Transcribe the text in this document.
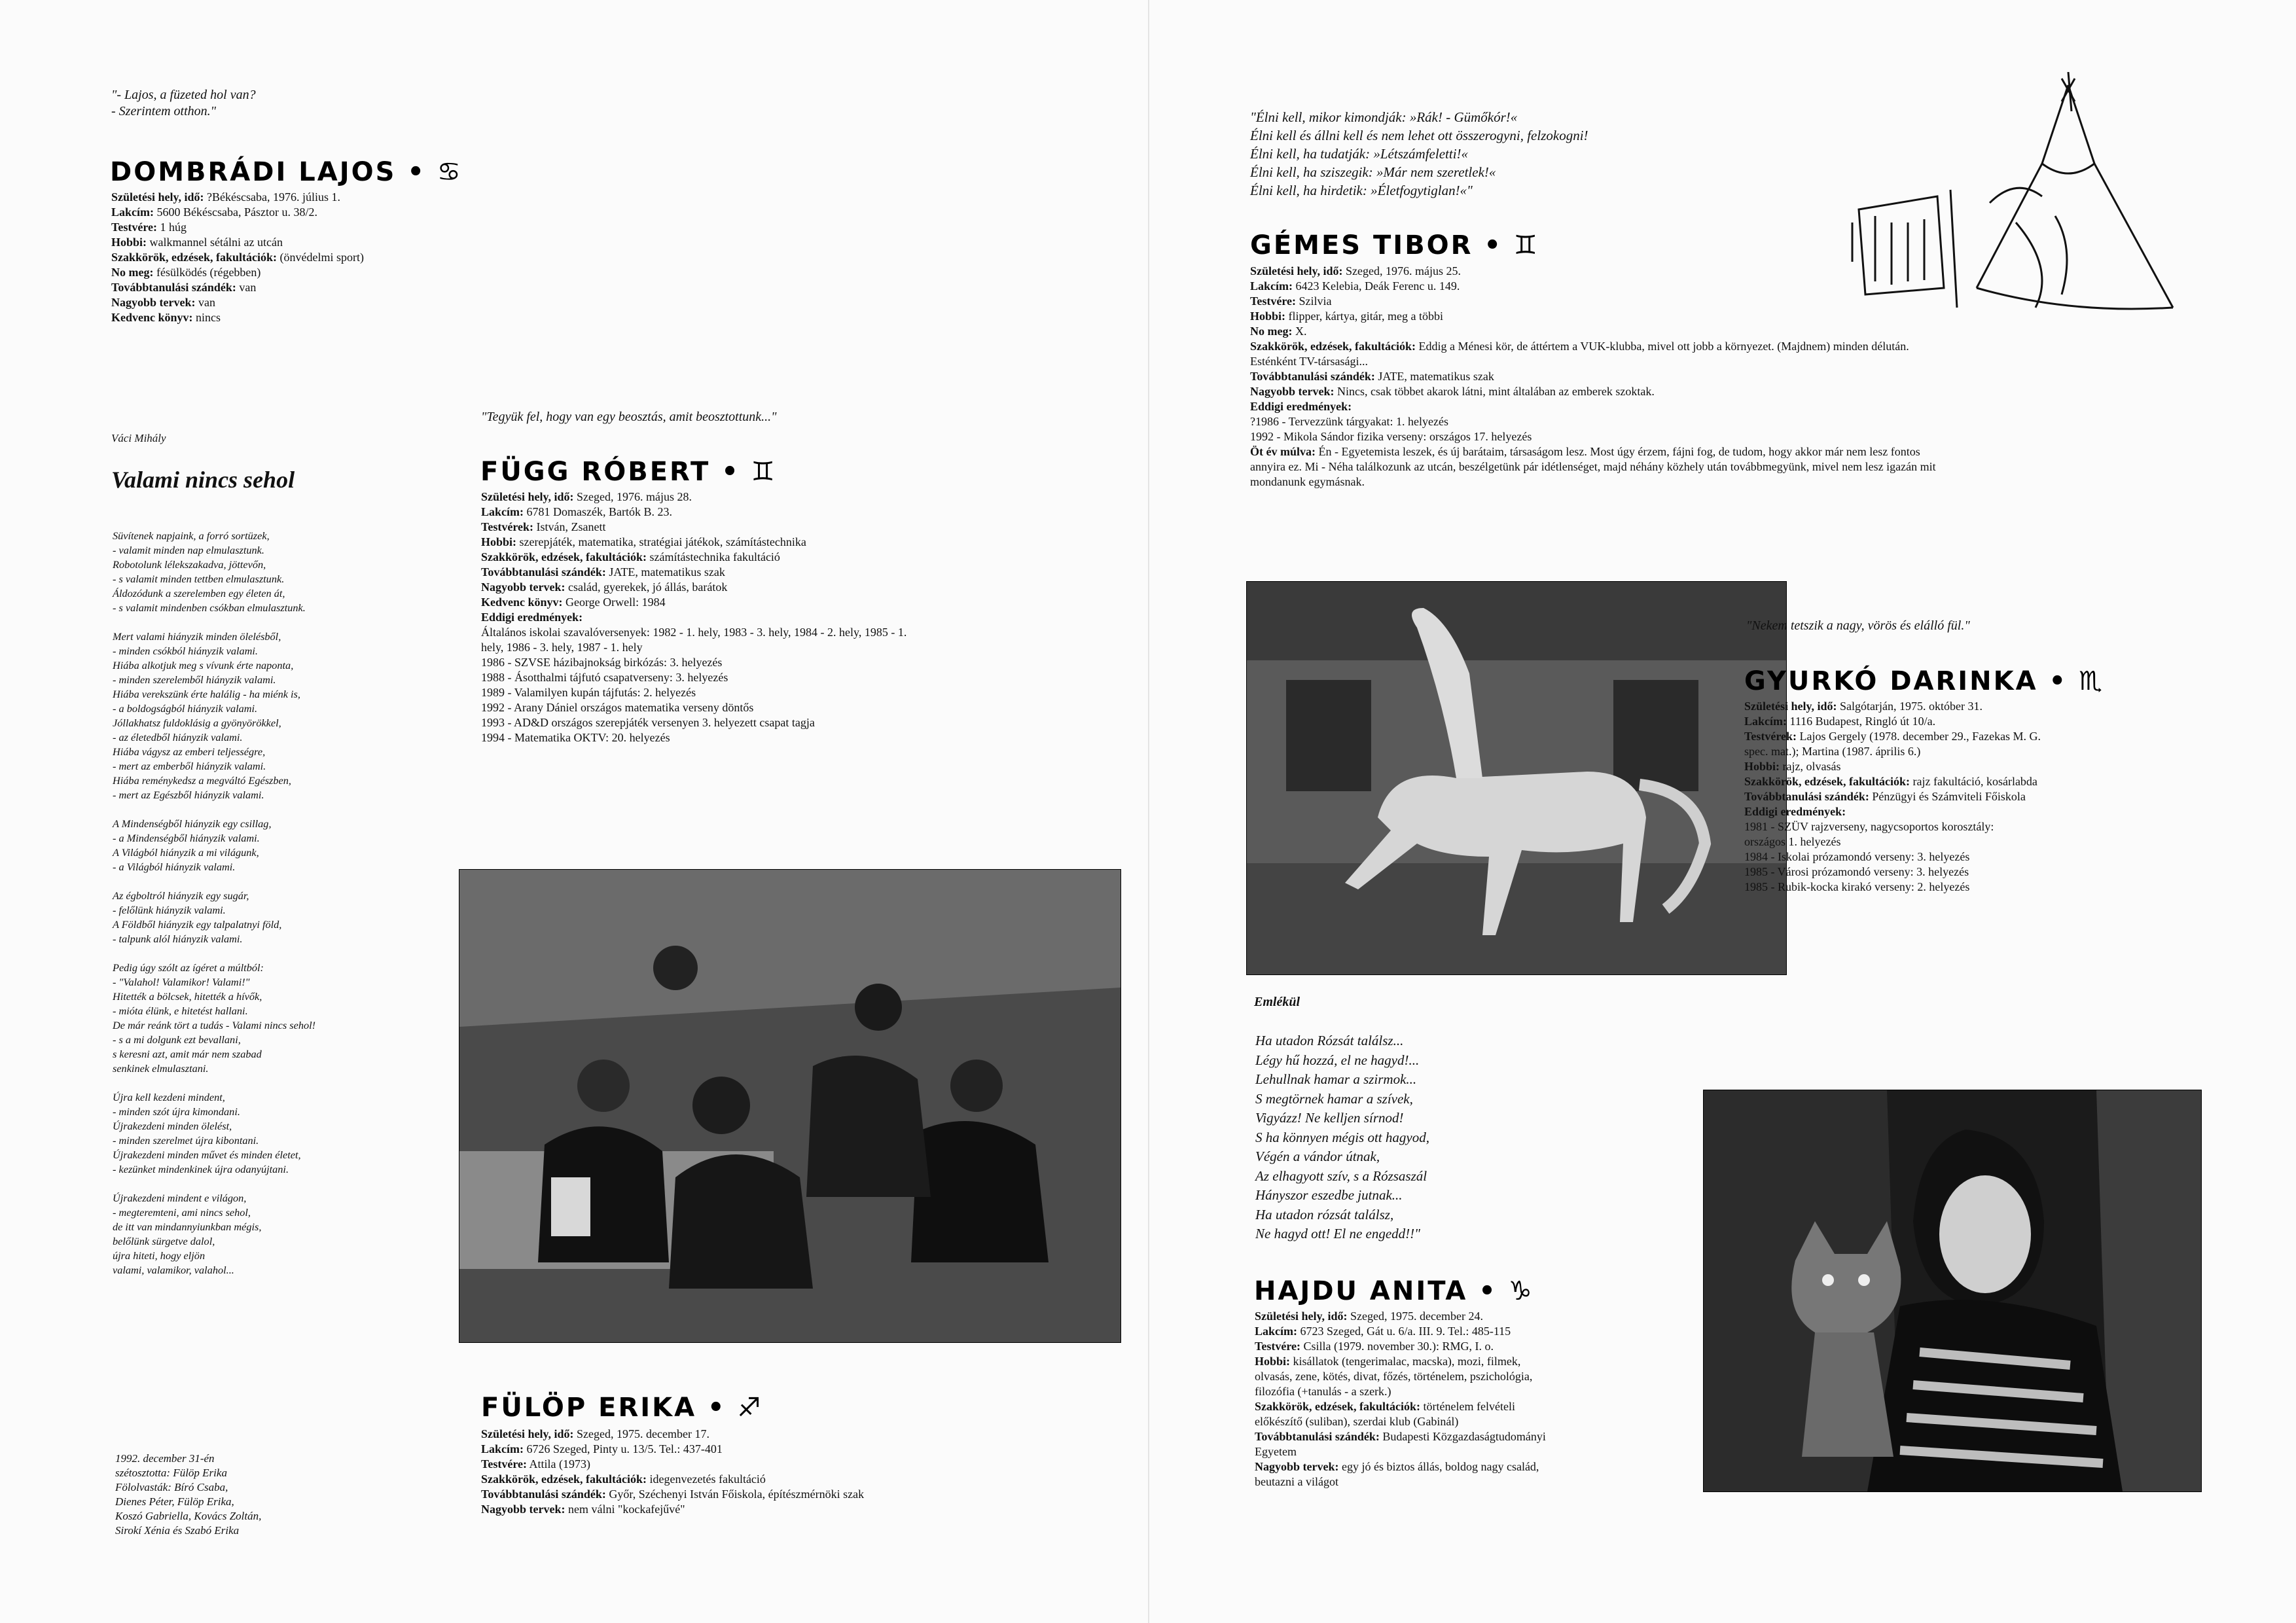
"- Lajos, a füzeted hol van?
- Szerintem otthon."
DOMBRÁDI LAJOS • ♋
Születési hely, idő: ?Békéscsaba, 1976. július 1.
Lakcím: 5600 Békéscsaba, Pásztor u. 38/2.
Testvére: 1 húg
Hobbi: walkmannel sétálni az utcán
Szakkörök, edzések, fakultációk: (önvédelmi sport)
No meg: fésülködés (régebben)
Továbbtanulási szándék: van
Nagyobb tervek: van
Kedvenc könyv: nincs
Váci Mihály
Valami nincs sehol
Süvítenek napjaink, a forró sortüzek,
- valamit minden nap elmulasztunk.
Robotolunk lélekszakadva, jöttevőn,
- s valamit minden tettben elmulasztunk.
Áldozódunk a szerelemben egy életen át,
- s valamit mindenben csókban elmulasztunk.
Mert valami hiányzik minden ölelésből,
- minden csókból hiányzik valami.
Hiába alkotjuk meg s vívunk érte naponta,
- minden szerelemből hiányzik valami.
Hiába verekszünk érte halálig - ha miénk is,
- a boldogságból hiányzik valami.
Jóllakhatsz fuldoklásig a gyönyörökkel,
- az életedből hiányzik valami.
Hiába vágysz az emberi teljességre,
- mert az emberből hiányzik valami.
Hiába reménykedsz a megváltó Egészben,
- mert az Egészből hiányzik valami.
A Mindenségből hiányzik egy csillag,
- a Mindenségből hiányzik valami.
A Világból hiányzik a mi világunk,
- a Világból hiányzik valami.
Az égboltról hiányzik egy sugár,
- felőlünk hiányzik valami.
A Földből hiányzik egy talpalatnyi föld,
- talpunk alól hiányzik valami.
Pedig úgy szólt az ígéret a múltból:
- "Valahol! Valamikor! Valami!"
Hitették a bölcsek, hitették a hívők,
- mióta élünk, e hitetést hallani.
De már reánk tört a tudás - Valami nincs sehol!
- s a mi dolgunk ezt bevallani,
s keresni azt, amit már nem szabad
senkinek elmulasztani.
Újra kell kezdeni mindent,
- minden szót újra kimondani.
Újrakezdeni minden ölelést,
- minden szerelmet újra kibontani.
Újrakezdeni minden művet és minden életet,
- kezünket mindenkinek újra odanyújtani.
Újrakezdeni mindent e világon,
- megteremteni, ami nincs sehol,
de itt van mindannyiunkban mégis,
belőlünk sürgetve dalol,
újra hiteti, hogy eljön
valami, valamikor, valahol...
1992. december 31-én
szétosztotta: Fülöp Erika
Fölolvasták: Bíró Csaba,
Dienes Péter, Fülöp Erika,
Koszó Gabriella, Kovács Zoltán,
Sirokí Xénia és Szabó Erika
"Tegyük fel, hogy van egy beosztás, amit beosztottunk..."
FÜGG RÓBERT • ♊
Születési hely, idő: Szeged, 1976. május 28.
Lakcím: 6781 Domaszék, Bartók B. 23.
Testvérek: István, Zsanett
Hobbi: szerepjáték, matematika, stratégiai játékok, számítástechnika
Szakkörök, edzések, fakultációk: számítástechnika fakultáció
Továbbtanulási szándék: JATE, matematikus szak
Nagyobb tervek: család, gyerekek, jó állás, barátok
Kedvenc könyv: George Orwell: 1984
Eddigi eredmények:
Általános iskolai szavalóversenyek: 1982 - 1. hely, 1983 - 3. hely, 1984 - 2. hely, 1985 - 1.
hely, 1986 - 3. hely, 1987 - 1. hely
1986 - SZVSE házibajnokság birkózás: 3. helyezés
1988 - Ásotthalmi tájfutó csapatverseny: 3. helyezés
1989 - Valamilyen kupán tájfutás: 2. helyezés
1992 - Arany Dániel országos matematika verseny döntős
1993 - AD&D országos szerepjáték versenyen 3. helyezett csapat tagja
1994 - Matematika OKTV: 20. helyezés
FÜLÖP ERIKA • ♐
Születési hely, idő: Szeged, 1975. december 17.
Lakcím: 6726 Szeged, Pinty u. 13/5. Tel.: 437-401
Testvére: Attila (1973)
Szakkörök, edzések, fakultációk: idegenvezetés fakultáció
Továbbtanulási szándék: Győr, Széchenyi István Főiskola, építészmérnöki szak
Nagyobb tervek: nem válni "kockafejűvé"
"Élni kell, mikor kimondják: »Rák! - Gümőkór!«
Élni kell és állni kell és nem lehet ott összerogyni, felzokogni!
Élni kell, ha tudatják: »Létszámfeletti!«
Élni kell, ha sziszegik: »Már nem szeretlek!«
Élni kell, ha hirdetik: »Életfogytiglan!«"
GÉMES TIBOR • ♊
Születési hely, idő: Szeged, 1976. május 25.
Lakcím: 6423 Kelebia, Deák Ferenc u. 149.
Testvére: Szilvia
Hobbi: flipper, kártya, gitár, meg a többi
No meg: X.
Szakkörök, edzések, fakultációk: Eddig a Ménesi kör, de áttértem a VUK-klubba, mivel ott jobb a környezet. (Majdnem) minden délután.
Esténként TV-társasági...
Továbbtanulási szándék: JATE, matematikus szak
Nagyobb tervek: Nincs, csak többet akarok látni, mint általában az emberek szoktak.
Eddigi eredmények:
?1986 - Tervezzünk tárgyakat: 1. helyezés
1992 - Mikola Sándor fizika verseny: országos 17. helyezés
Öt év múlva: Én - Egyetemista leszek, és új barátaim, társaságom lesz. Most úgy érzem, fájni fog, de tudom, hogy akkor már nem lesz fontos
annyira ez. Mi - Néha találkozunk az utcán, beszélgetünk pár idétlenséget, majd néhány közhely után továbbmegyünk, mivel nem lesz igazán mit
mondanunk egymásnak.
"Nekem tetszik a nagy, vörös és elálló fül."
GYURKÓ DARINKA • ♏
Születési hely, idő: Salgótarján, 1975. október 31.
Lakcím: 1116 Budapest, Ringló út 10/a.
Testvérek: Lajos Gergely (1978. december 29., Fazekas M. G.
spec. mat.); Martina (1987. április 6.)
Hobbi: rajz, olvasás
Szakkörök, edzések, fakultációk: rajz fakultáció, kosárlabda
Továbbtanulási szándék: Pénzügyi és Számviteli Főiskola
Eddigi eredmények:
1981 - SZÜV rajzverseny, nagycsoportos korosztály:
országos 1. helyezés
1984 - Iskolai prózamondó verseny: 3. helyezés
1985 - Városi prózamondó verseny: 3. helyezés
1985 - Rubik-kocka kirakó verseny: 2. helyezés
Emlékül
Ha utadon Rózsát találsz...
Légy hű hozzá, el ne hagyd!...
Lehullnak hamar a szirmok...
S megtörnek hamar a szívek,
Vigyázz! Ne kelljen sírnod!
S ha könnyen mégis ott hagyod,
Végén a vándor útnak,
Az elhagyott szív, s a Rózsaszál
Hányszor eszedbe jutnak...
Ha utadon rózsát találsz,
Ne hagyd ott! El ne engedd!!"
HAJDU ANITA • ♑
Születési hely, idő: Szeged, 1975. december 24.
Lakcím: 6723 Szeged, Gát u. 6/a. III. 9. Tel.: 485-115
Testvére: Csilla (1979. november 30.): RMG, I. o.
Hobbi: kisállatok (tengerimalac, macska), mozi, filmek,
olvasás, zene, kötés, divat, főzés, történelem, pszichológia,
filozófia (+tanulás - a szerk.)
Szakkörök, edzések, fakultációk: történelem felvételi
előkészítő (suliban), szerdai klub (Gabinál)
Továbbtanulási szándék: Budapesti Közgazdaságtudományi
Egyetem
Nagyobb tervek: egy jó és biztos állás, boldog nagy család,
beutazni a világot
